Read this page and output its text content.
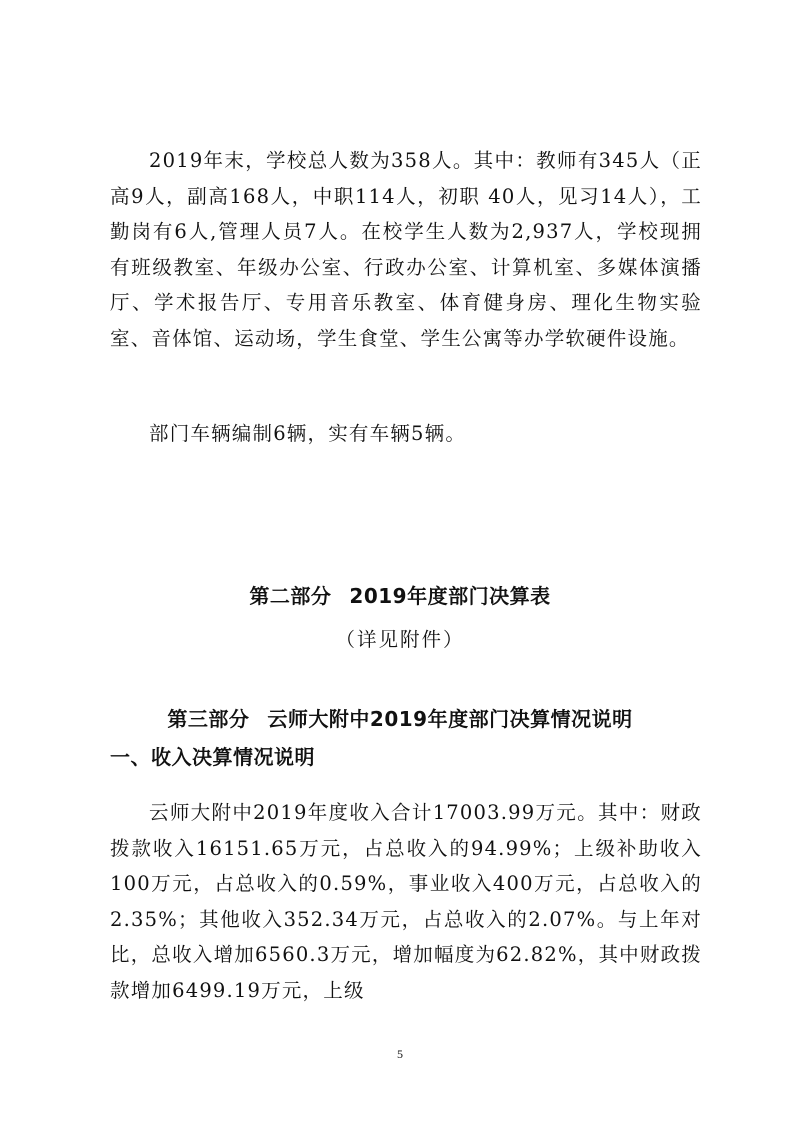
2019年末，学校总人数为358人。其中：教师有345人（正高9人，副高168人，中职114人，初职 40人，见习14人），工勤岗有6人,管理人员7人。在校学生人数为2,937人，学校现拥有班级教室、年级办公室、行政办公室、计算机室、多媒体演播厅、学术报告厅、专用音乐教室、体育健身房、理化生物实验室、音体馆、运动场，学生食堂、学生公寓等办学软硬件设施。

部门车辆编制6辆，实有车辆5辆。

第二部分 2019年度部门决算表

（详见附件）

第三部分 云师大附中2019年度部门决算情况说明
一、收入决算情况说明

云师大附中2019年度收入合计17003.99万元。其中：财政拨款收入16151.65万元，占总收入的94.99%；上级补助收入100万元，占总收入的0.59%，事业收入400万元，占总收入的2.35%；其他收入352.34万元，占总收入的2.07%。与上年对比，总收入增加6560.3万元，增加幅度为62.82%，其中财政拨款增加6499.19万元，上级

5
